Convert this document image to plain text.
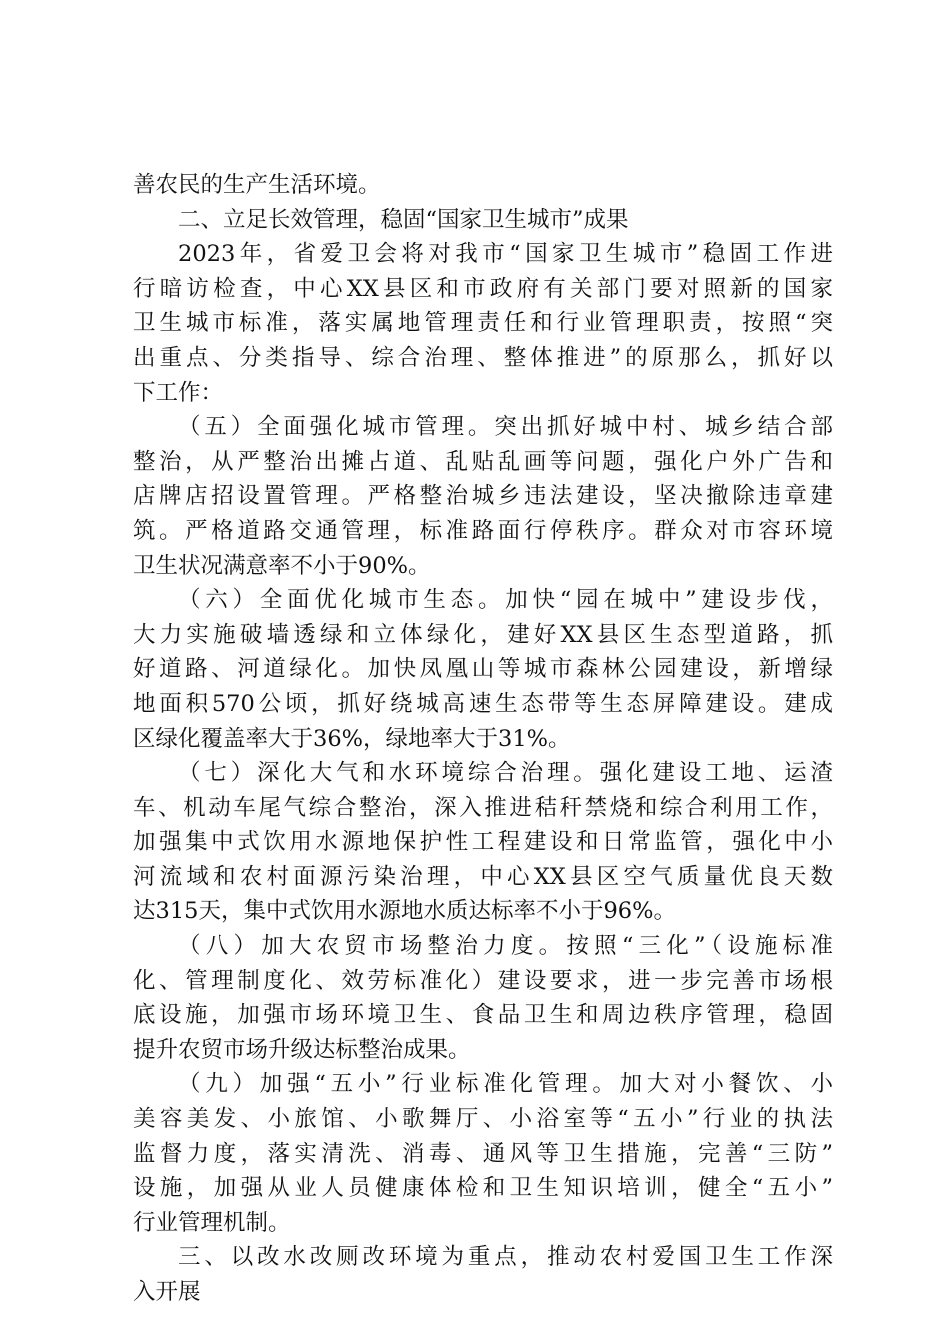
善农民的生产生活环境。
二、立足长效管理，稳固“国家卫生城市”成果
2023年，省爱卫会将对我市“国家卫生城市”稳固工作进
行暗访检查，中心XX县区和市政府有关部门要对照新的国家
卫生城市标准，落实属地管理责任和行业管理职责，按照“突
出重点、分类指导、综合治理、整体推进”的原那么，抓好以
下工作：
（五）全面强化城市管理。突出抓好城中村、城乡结合部
整治，从严整治出摊占道、乱贴乱画等问题，强化户外广告和
店牌店招设置管理。严格整治城乡违法建设，坚决撤除违章建
筑。严格道路交通管理，标准路面行停秩序。群众对市容环境
卫生状况满意率不小于90%。
（六）全面优化城市生态。加快“园在城中”建设步伐，
大力实施破墙透绿和立体绿化，建好XX县区生态型道路，抓
好道路、河道绿化。加快凤凰山等城市森林公园建设，新增绿
地面积570公顷，抓好绕城高速生态带等生态屏障建设。建成
区绿化覆盖率大于36%，绿地率大于31%。
（七）深化大气和水环境综合治理。强化建设工地、运渣
车、机动车尾气综合整治，深入推进秸秆禁烧和综合利用工作，
加强集中式饮用水源地保护性工程建设和日常监管，强化中小
河流域和农村面源污染治理，中心XX县区空气质量优良天数
达315天，集中式饮用水源地水质达标率不小于96%。
（八）加大农贸市场整治力度。按照“三化”（设施标准
化、管理制度化、效劳标准化）建设要求，进一步完善市场根
底设施，加强市场环境卫生、食品卫生和周边秩序管理，稳固
提升农贸市场升级达标整治成果。
（九）加强“五小”行业标准化管理。加大对小餐饮、小
美容美发、小旅馆、小歌舞厅、小浴室等“五小”行业的执法
监督力度，落实清洗、消毒、通风等卫生措施，完善“三防”
设施，加强从业人员健康体检和卫生知识培训，健全“五小”
行业管理机制。
三、以改水改厕改环境为重点，推动农村爱国卫生工作深
入开展
